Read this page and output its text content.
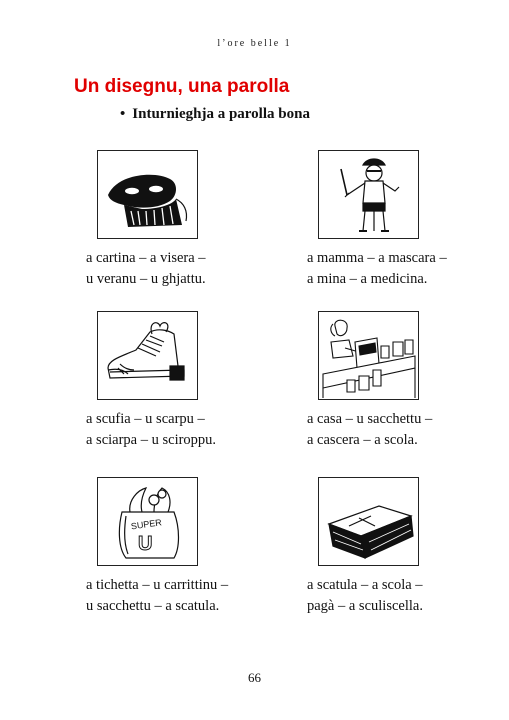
l’ore belle 1
Un disegnu, una parolla
• Inturnieghja a parolla bona
a cartina – a visera –
u veranu – u ghjattu.
a mamma – a mascara –
a mina – a medicina.
a scufia – u scarpu –
a sciarpa – u sciroppu.
a casa – u sacchettu –
a cascera – a scola.
SUPER
U
a tichetta – u carrittinu –
u sacchettu – a scatula.
a scatula – a scola –
pagà – a sculiscella.
66
